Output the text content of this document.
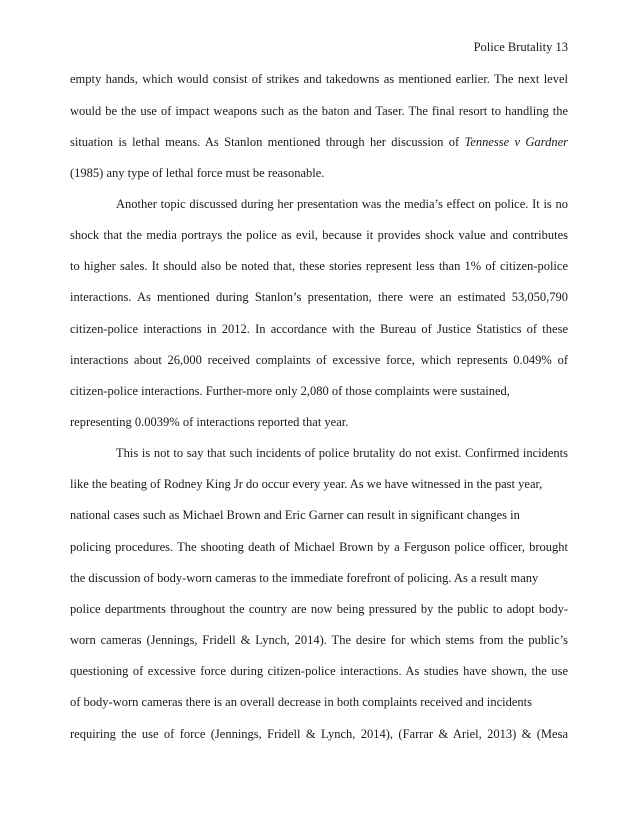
Police Brutality 13
empty hands, which would consist of strikes and takedowns as mentioned earlier. The next level
would be the use of impact weapons such as the baton and Taser. The final resort to handling the
situation is lethal means. As Stanlon mentioned through her discussion of Tennesse v Gardner
(1985) any type of lethal force must be reasonable.
Another topic discussed during her presentation was the media’s effect on police. It is no
shock that the media portrays the police as evil, because it provides shock value and contributes
to higher sales. It should also be noted that, these stories represent less than 1% of citizen-police
interactions. As mentioned during Stanlon’s presentation, there were an estimated 53,050,790
citizen-police interactions in 2012. In accordance with the Bureau of Justice Statistics of these
interactions about 26,000 received complaints of excessive force, which represents 0.049% of
citizen-police interactions. Further-more only 2,080 of those complaints were sustained,
representing 0.0039% of interactions reported that year.
This is not to say that such incidents of police brutality do not exist. Confirmed incidents
like the beating of Rodney King Jr do occur every year. As we have witnessed in the past year,
national cases such as Michael Brown and Eric Garner can result in significant changes in
policing procedures. The shooting death of Michael Brown by a Ferguson police officer, brought
the discussion of body-worn cameras to the immediate forefront of policing. As a result many
police departments throughout the country are now being pressured by the public to adopt body-
worn cameras (Jennings, Fridell & Lynch, 2014). The desire for which stems from the public’s
questioning of excessive force during citizen-police interactions. As studies have shown, the use
of body-worn cameras there is an overall decrease in both complaints received and incidents
requiring the use of force (Jennings, Fridell & Lynch, 2014), (Farrar & Ariel, 2013) & (Mesa
